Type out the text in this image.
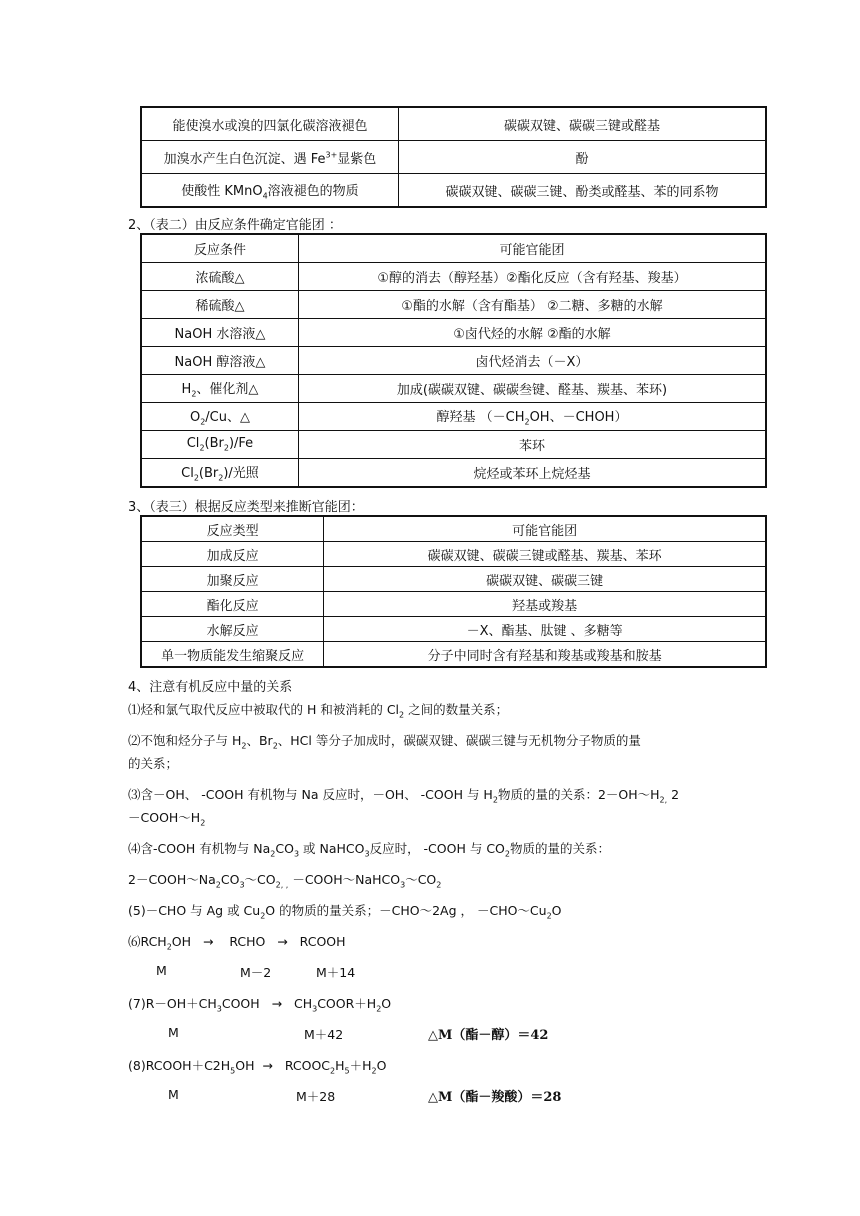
能使溴水或溴的四氯化碳溶液褪色	碳碳双键、碳碳三键或醛基
加溴水产生白色沉淀、遇 $Fe^{3+}$显紫色	酚
使酸性 KMnO$_4$溶液褪色的物质	碳碳双键、碳碳三键、酚类或醛基、苯的同系物
2、（表二）由反应条件确定官能团 ：
反应条件	可能官能团
浓硫酸△	①醇的消去（醇羟基）②酯化反应（含有羟基、羧基）
稀硫酸△	①酯的水解（含有酯基） ②二糖、多糖的水解
NaOH 水溶液△	①卤代烃的水解 ②酯的水解
NaOH 醇溶液△	卤代烃消去（－X）
$H_2$、催化剂△	加成(碳碳双键、碳碳叁键、醛基、羰基、苯环)
$O_2/Cu$、△	醇羟基 （$-CH_2OH$、－CHOH）
$Cl_2(Br_2)/Fe$	苯环
$Cl_2(Br_2)/$光照	烷烃或苯环上烷烃基
3、（表三）根据反应类型来推断官能团：
反应类型	可能官能团
加成反应	碳碳双键、碳碳三键或醛基、羰基、苯环
加聚反应	碳碳双键、碳碳三键
酯化反应	羟基或羧基
水解反应	－X、酯基、肽键 、多糖等
单一物质能发生缩聚反应	分子中同时含有羟基和羧基或羧基和胺基
4、注意有机反应中量的关系
⑴烃和氯气取代反应中被取代的 H 和被消耗的 $Cl_2$ 之间的数量关系；
⑵不饱和烃分子与 $H_2$、$Br_2$、HCl 等分子加成时，碳碳双键、碳碳三键与无机物分子物质的量
的关系；
⑶含－OH、 -COOH 有机物与 Na 反应时，－OH、 -COOH 与 $H_2$物质的量的关系：$2-OH\sim H_{2,}$ 2
$-COOH\sim H_2$
⑷含-COOH 有机物与 $Na_2CO_3$ 或 NaHCO$_3$反应时， -COOH 与 $CO_2$物质的量的关系：
$2-COOH\sim Na_2CO_3\sim CO_{2, ,}$ $-COOH\sim NaHCO_3\sim CO_2$
(5)－CHO 与 Ag 或 $Cu_2O$ 的物质的量关系；－CHO～2Ag ， $-CHO\sim Cu_2O$
$⑹RCH_2OH$   →    RCHO   →   RCOOH
M	M－2	M＋14
$(7)R-OH+CH_3COOH$   →   $CH_3COOR+H_2O$
M	M＋42	△M（酯－醇）＝42
$(8)RCOOH+C2H_5OH$  →   $RCOOC_2H_5+H_2O$
M	M＋28	△M（酯－羧酸）＝28
